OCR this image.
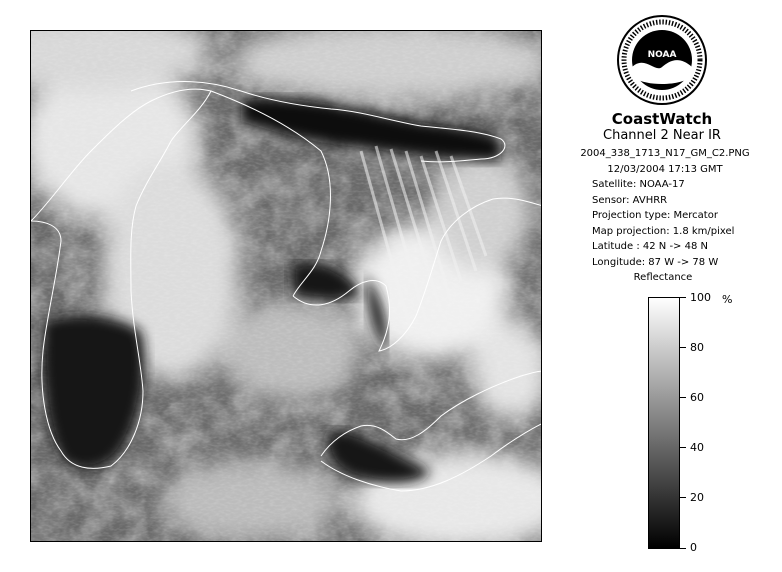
NOAA
CoastWatch
Channel 2 Near IR
2004_338_1713_N17_GM_C2.PNG
12/03/2004 17:13 GMT
Satellite: NOAA-17
Sensor: AVHRR
Projection type: Mercator
Map projection: 1.8 km/pixel
Latitude : 42 N -> 48 N
Longitude: 87 W -> 78 W
Reflectance
%
100
80
60
40
20
0
